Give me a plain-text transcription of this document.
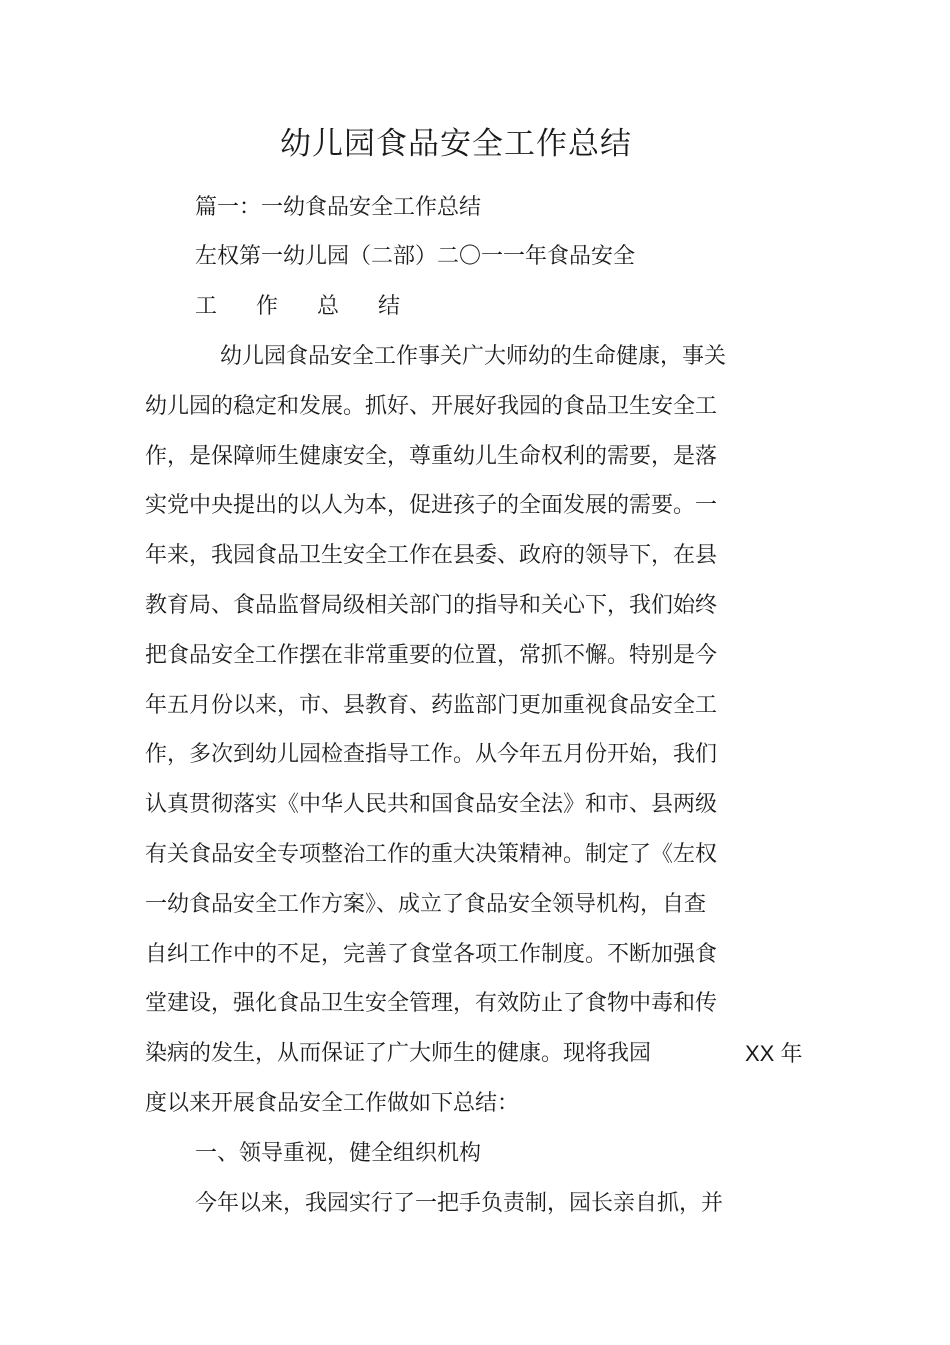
幼儿园食品安全工作总结
篇一：一幼食品安全工作总结
左权第一幼儿园（二部）二〇一一年食品安全
工 作 总 结
幼儿园食品安全工作事关广大师幼的生命健康，事关
幼儿园的稳定和发展。抓好、开展好我园的食品卫生安全工
作，是保障师生健康安全，尊重幼儿生命权利的需要，是落
实党中央提出的以人为本，促进孩子的全面发展的需要。一
年来，我园食品卫生安全工作在县委、政府的领导下，在县
教育局、食品监督局级相关部门的指导和关心下，我们始终
把食品安全工作摆在非常重要的位置，常抓不懈。特别是今
年五月份以来，市、县教育、药监部门更加重视食品安全工
作，多次到幼儿园检查指导工作。从今年五月份开始，我们
认真贯彻落实《中华人民共和国食品安全法》和市、县两级
有关食品安全专项整治工作的重大决策精神。制定了《左权
一幼食品安全工作方案》、成立了食品安全领导机构，自查
自纠工作中的不足，完善了食堂各项工作制度。不断加强食
堂建设，强化食品卫生安全管理，有效防止了食物中毒和传
染病的发生，从而保证了广大师生的健康。现将我园	XX 年
度以来开展食品安全工作做如下总结：
一、领导重视，健全组织机构
今年以来，我园实行了一把手负责制，园长亲自抓，并
